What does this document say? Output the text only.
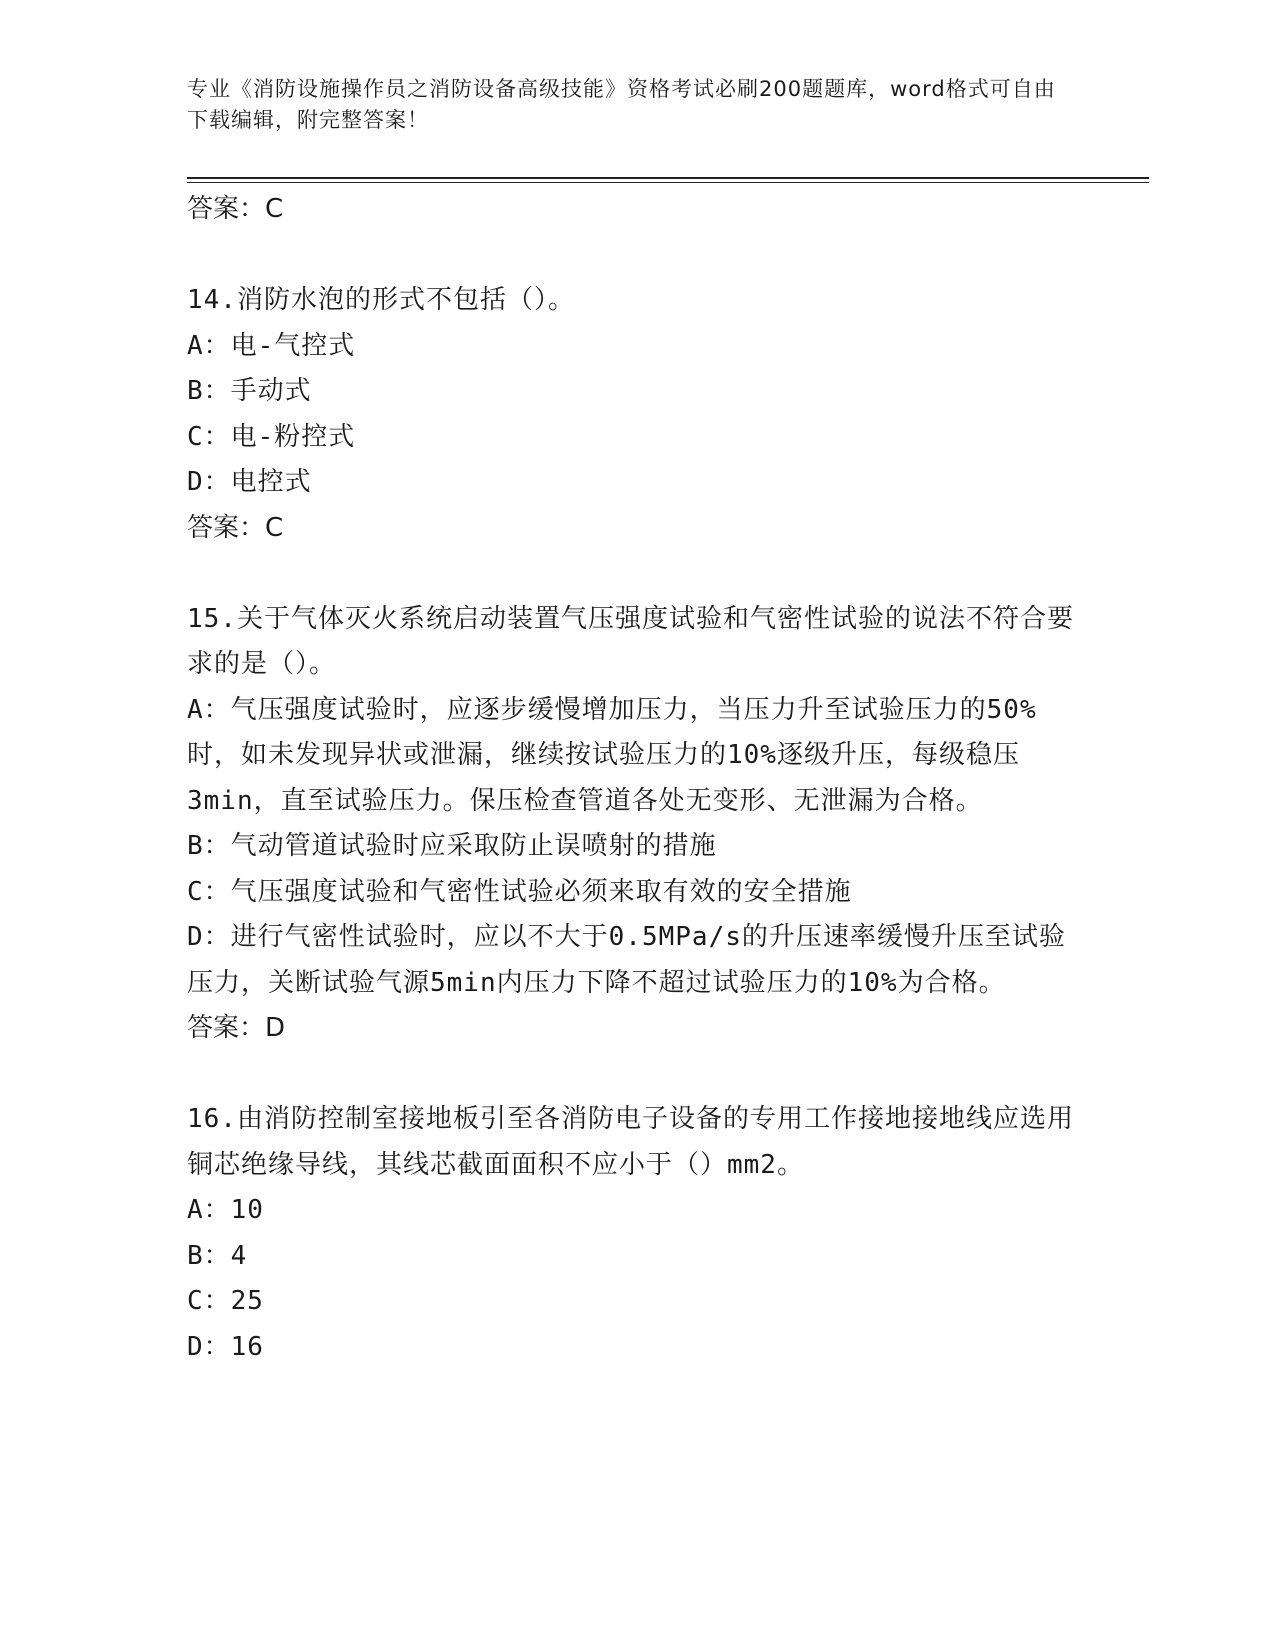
专业《消防设施操作员之消防设备高级技能》资格考试必刷200题题库，word格式可自由下载编辑，附完整答案！
答案：C
14.消防水泡的形式不包括（）。
A：电-气控式
B：手动式
C：电-粉控式
D：电控式
答案：C
15.关于气体灭火系统启动装置气压强度试验和气密性试验的说法不符合要求的是（）。
A：气压强度试验时，应逐步缓慢增加压力，当压力升至试验压力的50%时，如未发现异状或泄漏，继续按试验压力的10%逐级升压，每级稳压3min，直至试验压力。保压检查管道各处无变形、无泄漏为合格。
B：气动管道试验时应采取防止误喷射的措施
C：气压强度试验和气密性试验必须来取有效的安全措施
D：进行气密性试验时，应以不大于0.5MPa/s的升压速率缓慢升压至试验压力，关断试验气源5min内压力下降不超过试验压力的10%为合格。
答案：D
16.由消防控制室接地板引至各消防电子设备的专用工作接地接地线应选用铜芯绝缘导线，其线芯截面面积不应小于（）mm2。
A：10
B：4
C：25
D：16
